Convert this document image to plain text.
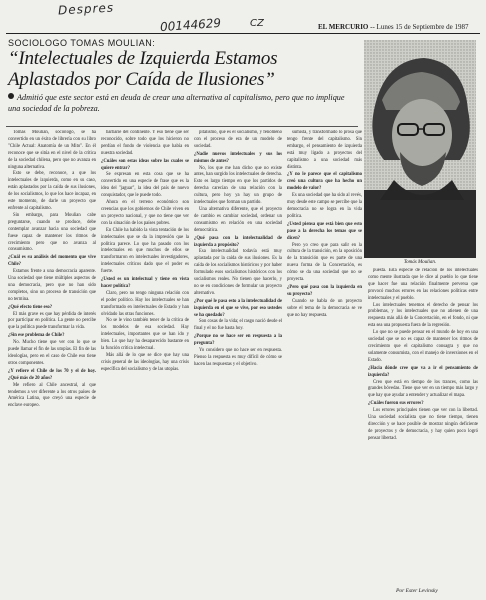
Despres
00144629	CZ	EL MERCURIO -- Lunes 15 de Septiembre de 1987
SOCIOLOGO TOMAS MOULIAN:
“Intelectuales de Izquierda Estamos Aplastados por Caída de Ilusiones”
Admitió que este sector está en deuda de crear una alternativa al capitalismo, pero que no implique una sociedad de la pobreza.
Tomás Moulian.

Tomás Moulian, sociólogo, se ha convertido en un éxito de librería con su libro "Chile Actual: Anatomía de un Mito". En él reconoce que se sitúa en el nivel de la crítica de la sociedad chilena, pero que no avanza en ninguna alternativa.

Esto se debe, reconoce, a que los intelectuales de izquierda, como en su caso, están aplastados por la caída de sus ilusiones, de los socialismos, lo que los hace incapaz, en este momento, de darle un proyecto que enfrente al capitalismo.

Sin embargo, para Moulian cabe preguntarse, cuando se produce, debe contemplar avanzar hacia una sociedad que fuese capaz de mantener los ritmos de crecimiento pero que no avanza al consumismo.

¿Cuál es su análisis del momento que vive Chile?

Estamos frente a una democracia aparente. Una sociedad que tiene múltiples aspectos de una democracia, pero que no han sido completos, sino un proceso de transición que no termina.

¿Qué efecto tiene eso?

El más grave es que hay pérdida de interés por participar en política. La gente no percibe que la política puede transformar la vida.

¿Sin ese problema de Chile?

No. Mucho tiene que ver con lo que se puede llamar el fin de las utopías. El fin de las ideologías, pero en el caso de Chile eso tiene otros componentes.

¿Y refiere el Chile de los 70 y el de hoy. ¿Qué más de 20 años?

Me refiero al Chile ancestral, al que tendemos a ver diferente a los otros países de América Latina, que creyó una especie de enclave europeo.

barbarie del continente. Y eso tiene que ser reconocido, sobre todo que los hicieron no perdían el fondo de violencia que había en nuestra sociedad.

¿Cuáles son estas ideas sobre las cuales se quiere entrar?

Se expresan en esta cosa que se ha convertido en una especie de frase que es la idea del "jaguar", la idea del país de nuevo conquistador, que le puede todo.

Ahora en el terreno económico son creencias que los gobiernos de Chile viven en un proyecto nacional, y que no tiene que ver con la situación de los países pobres.

En Chile ha habido la vista tentación de los intelectuales que se da la impresión que la política parece. Lo que ha pasado con los intelectuales en que muchos de ellos se transformaron en intelectuales investigadores, intelectuales críticos dado que el poder es fuerte.

¿Usted es un intelectual y tiene en vista hacer política?

Claro, pero no tengo ninguna relación con el poder político. Hay los intelectuales se han transformado en intelectuales de Estado y han olvidado las otras funciones.

No se le vino también tener de la crítica de los modelos de esa sociedad. Hay intelectuales, importantes que se han ido y bien. Lo que hay ha desaparecido bastante en la función crítica intelectual.

Más allá de lo que se dice que hay una crisis general de las ideologías, hay una crisis específica del socialismo y de las utopías.

pitalismo, que es el socialismo, y fenómeno con el proceso de era de un modelo de sociedad.

¿Nadie nuevos intelectuales y sus los mismos de antes?

No, los que me han dicho que no existe antes, han surgido los intelectuales de derecha. Esto es largo tiempo en que los partidos de derecha carecían de una relación con la cultura, pero hoy ya hay un grupo de intelectuales que forman un partido.

Una alternativa diferente, que el proyecto de cambio es cambiar sociedad, ordenar un consumismo en relación en una sociedad democrática.

¿Qué pasa con la intelectualidad de izquierda a propósito?

Esa intelectualidad todavía está muy aplastada por la caída de sus ilusiones. Es la caída de los socialismos históricos y por haber formulado esos socialismos históricos con los socialismos reales. No tienen que hacerlo, y no se en condiciones de formular un proyecto alternativo.

¿Por qué le pasa esto a la intelectualidad de izquierda en el que se vive, por eso ustedes se ha quedado?

Son cosas de la vida; el rasgo nació desde el final y el no fue hasta hoy.

¿Porque no se hace ser en respuesta a la pregunta?

Yo considero que no hace ser en respuesta. Pienso la respuesta es muy difícil de cómo se hacen las respuestas y el objetivo.

sumista, y transformado lo prosa que tengo frente del capitalismo. Sin embargo, el pensamiento de izquierda está muy ligado a proyectos del capitalismo a una sociedad más distinta.

¿Y no le parece que el capitalismo creó una cultura que ha hecho un modelo de valor?

Es una sociedad que ha sido al revés, muy desde este campo se percibe que la democracia no se logra en la vida política.

¿Usted piensa que está bien que esto pase a la derecha los temas que se dicen?

Pero yo creo que para salir en la cultura de la transición, en la oposición de la transición que es parte de una nueva forma de la Concertación, es cómo se da una sociedad que no se proyecta.

¿Pero qué pasa con la izquierda en su proyecto?

Cuando se habla de un proyecto sobre el tema de la democracia se ve que no hay respuesta.

puesta. Esta especie de relación de los intelectuales como mente ilustrada que le dice al pueblo lo que tiene que hacer fue una relación finalmente perversa que provocó muchos errores en las relaciones políticas entre intelectuales y el pueblo.

Los intelectuales tenemos el derecho de pensar los problemas, y los intelectuales que no atienen de una respuesta más allá de la Concertación, en el fondo, ni que esta sea una propuesta fuera de la regresión.

Lo que no se puede pensar en el mundo de hoy en una sociedad que se no es capaz de mantener los ritmos de crecimiento que el capitalismo consagra y que no solamente consumista, con el manejo de inversiones en el Estado.

¿Hacia dónde cree que va a ir el pensamiento de izquierda?

Creo que está en tiempo de los trances, como las grandes bóvedas. Tiene que ver en un tiempo más largo y que hay que ayudar a entender y actualizar el mapa.

¿Cuáles fueron sus errores?

Los errores principales tienen que ver con la libertad. Una sociedad socialista que no tiene tiempo, tienen dirección y se hace posible de mostrar ningún deficiente de proyectos y de democracia, y hay quien poco logró pensar libertad.

Por Ester Levinsky
